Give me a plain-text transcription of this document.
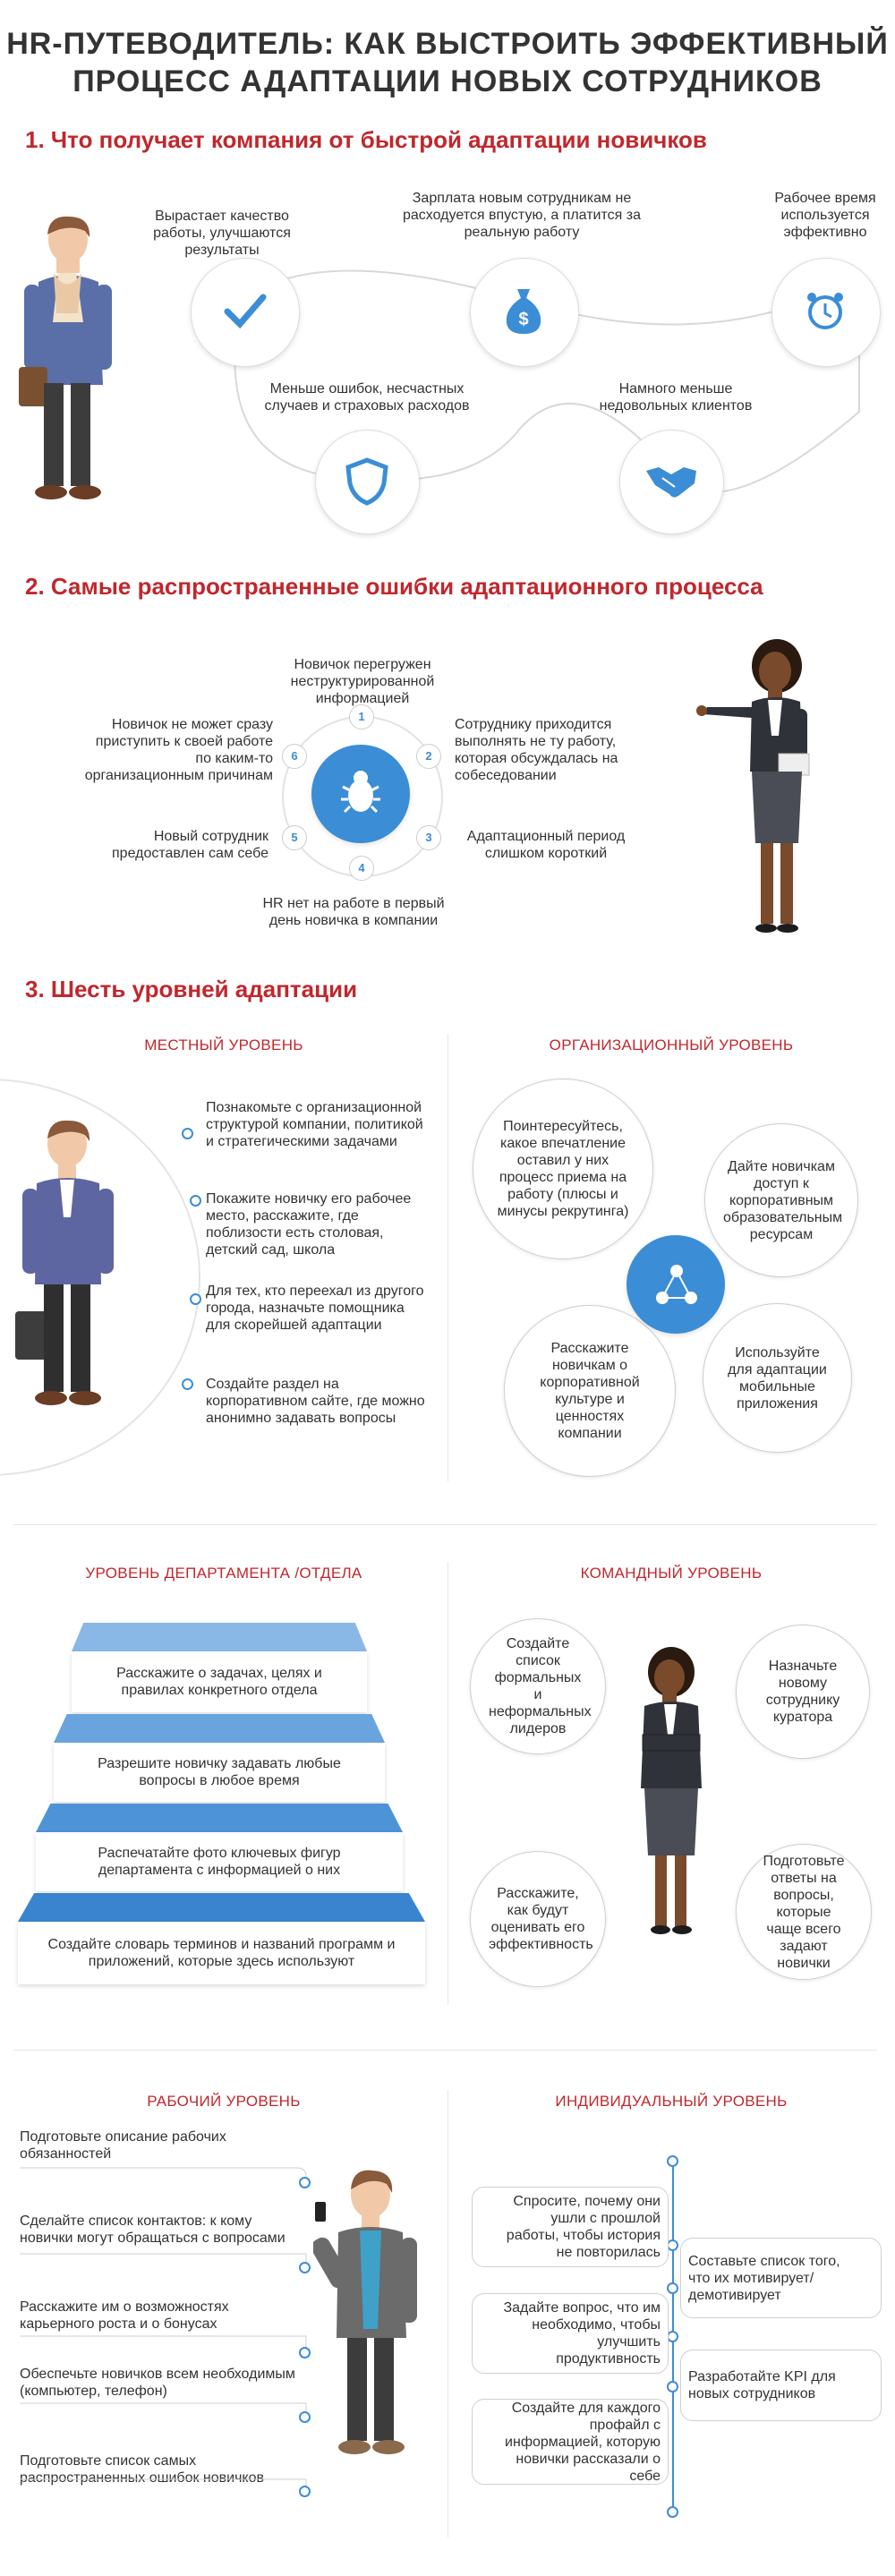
HR-ПУТЕВОДИТЕЛЬ: КАК ВЫСТРОИТЬ ЭФФЕКТИВНЫЙ
ПРОЦЕСС АДАПТАЦИИ НОВЫХ СОТРУДНИКОВ
1. Что получает компания от быстрой адаптации новичков
$
Вырастает качество работы, улучшаются результаты
Зарплата новым сотрудникам не расходуется впустую, а платится за реальную работу
Рабочее время используется эффективно
Меньше ошибок, несчастных случаев и страховых расходов
Намного меньше недовольных клиентов
2. Самые распространенные ошибки адаптационного процесса
1
2
3
4
5
6
Новичок перегружен неструктурированной информацией
Сотруднику приходится выполнять не ту работу, которая обсуждалась на собеседовании
Адаптационный период слишком короткий
HR нет на работе в первый день новичка в компании
Новый сотрудник предоставлен сам себе
Новичок не может сразу приступить к своей работе по каким-то организационным причинам
3. Шесть уровней адаптации
МЕСТНЫЙ УРОВЕНЬ
Познакомьте с организационной структурой компании, политикой и стратегическими задачами
Покажите новичку его рабочее место, расскажите, где поблизости есть столовая, детский сад, школа
Для тех, кто переехал из другого города, назначьте помощника для скорейшей адаптации
Создайте раздел на корпоративном сайте, где можно анонимно задавать вопросы
ОРГАНИЗАЦИОННЫЙ УРОВЕНЬ
Поинтересуйтесь, какое впечатление оставил у них процесс приема на работу (плюсы и минусы рекрутинга)
Дайте новичкам доступ к корпоративным образовательным ресурсам
Расскажите новичкам о корпоративной культуре и ценностях компании
Используйте для адаптации мобильные приложения
УРОВЕНЬ ДЕПАРТАМЕНТА /ОТДЕЛА
Расскажите о задачах, целях и правилах конкретного отдела
Разрешите новичку задавать любые вопросы в любое время
Распечатайте фото ключевых фигур департамента с информацией о них
Создайте словарь терминов и названий программ и приложений, которые здесь используют
КОМАНДНЫЙ УРОВЕНЬ
Создайте список формальных и неформальных лидеров
Назначьте новому сотруднику куратора
Расскажите, как будут оценивать его эффективность
Подготовьте ответы на вопросы, которые чаще всего задают новички
РАБОЧИЙ УРОВЕНЬ
Подготовьте описание рабочих обязанностей
Сделайте список контактов: к кому новички могут обращаться с вопросами
Расскажите им о возможностях карьерного роста и о бонусах
Обеспечьте новичков всем необходимым (компьютер, телефон)
Подготовьте список самых распространенных ошибок новичков
ИНДИВИДУАЛЬНЫЙ УРОВЕНЬ
Спросите, почему они ушли с прошлой работы, чтобы история не повторилась
Задайте вопрос, что им необходимо, чтобы улучшить продуктивность
Создайте для каждого профайл с информацией, которую новички рассказали о себе
Составьте список того, что их мотивирует/ демотивирует
Разработайте KPI для новых сотрудников
